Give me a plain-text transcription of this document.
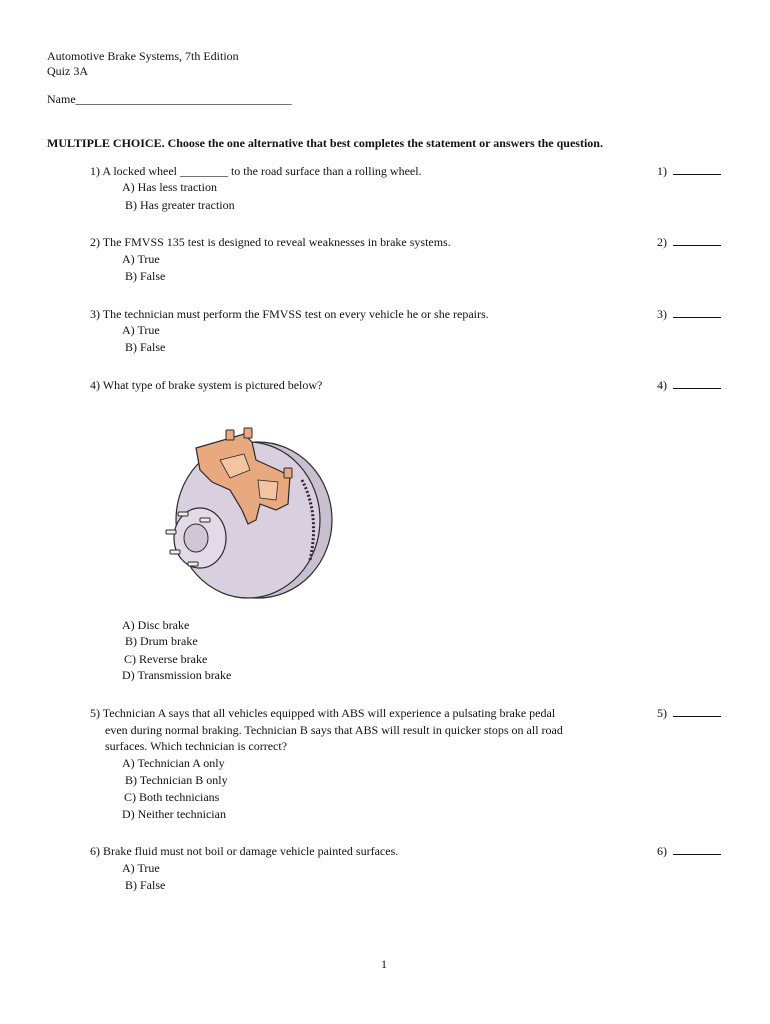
Automotive Brake Systems, 7th Edition
Quiz 3A
Name____________________________________
MULTIPLE CHOICE. Choose the one alternative that best completes the statement or answers the question.
1) A locked wheel ________ to the road surface than a rolling wheel.	1)
A) Has less traction
B) Has greater traction
2) The FMVSS 135 test is designed to reveal weaknesses in brake systems.	2)
A) True
B) False
3) The technician must perform the FMVSS test on every vehicle he or she repairs.	3)
A) True
B) False
4) What type of brake system is pictured below?	4)
A) Disc brake
B) Drum brake
C) Reverse brake
D) Transmission brake
5) Technician A says that all vehicles equipped with ABS will experience a pulsating brake pedal
even during normal braking. Technician B says that ABS will result in quicker stops on all road
surfaces. Which technician is correct?
5)
A) Technician A only
B) Technician B only
C) Both technicians
D) Neither technician
6) Brake fluid must not boil or damage vehicle painted surfaces.	6)
A) True
B) False
1
